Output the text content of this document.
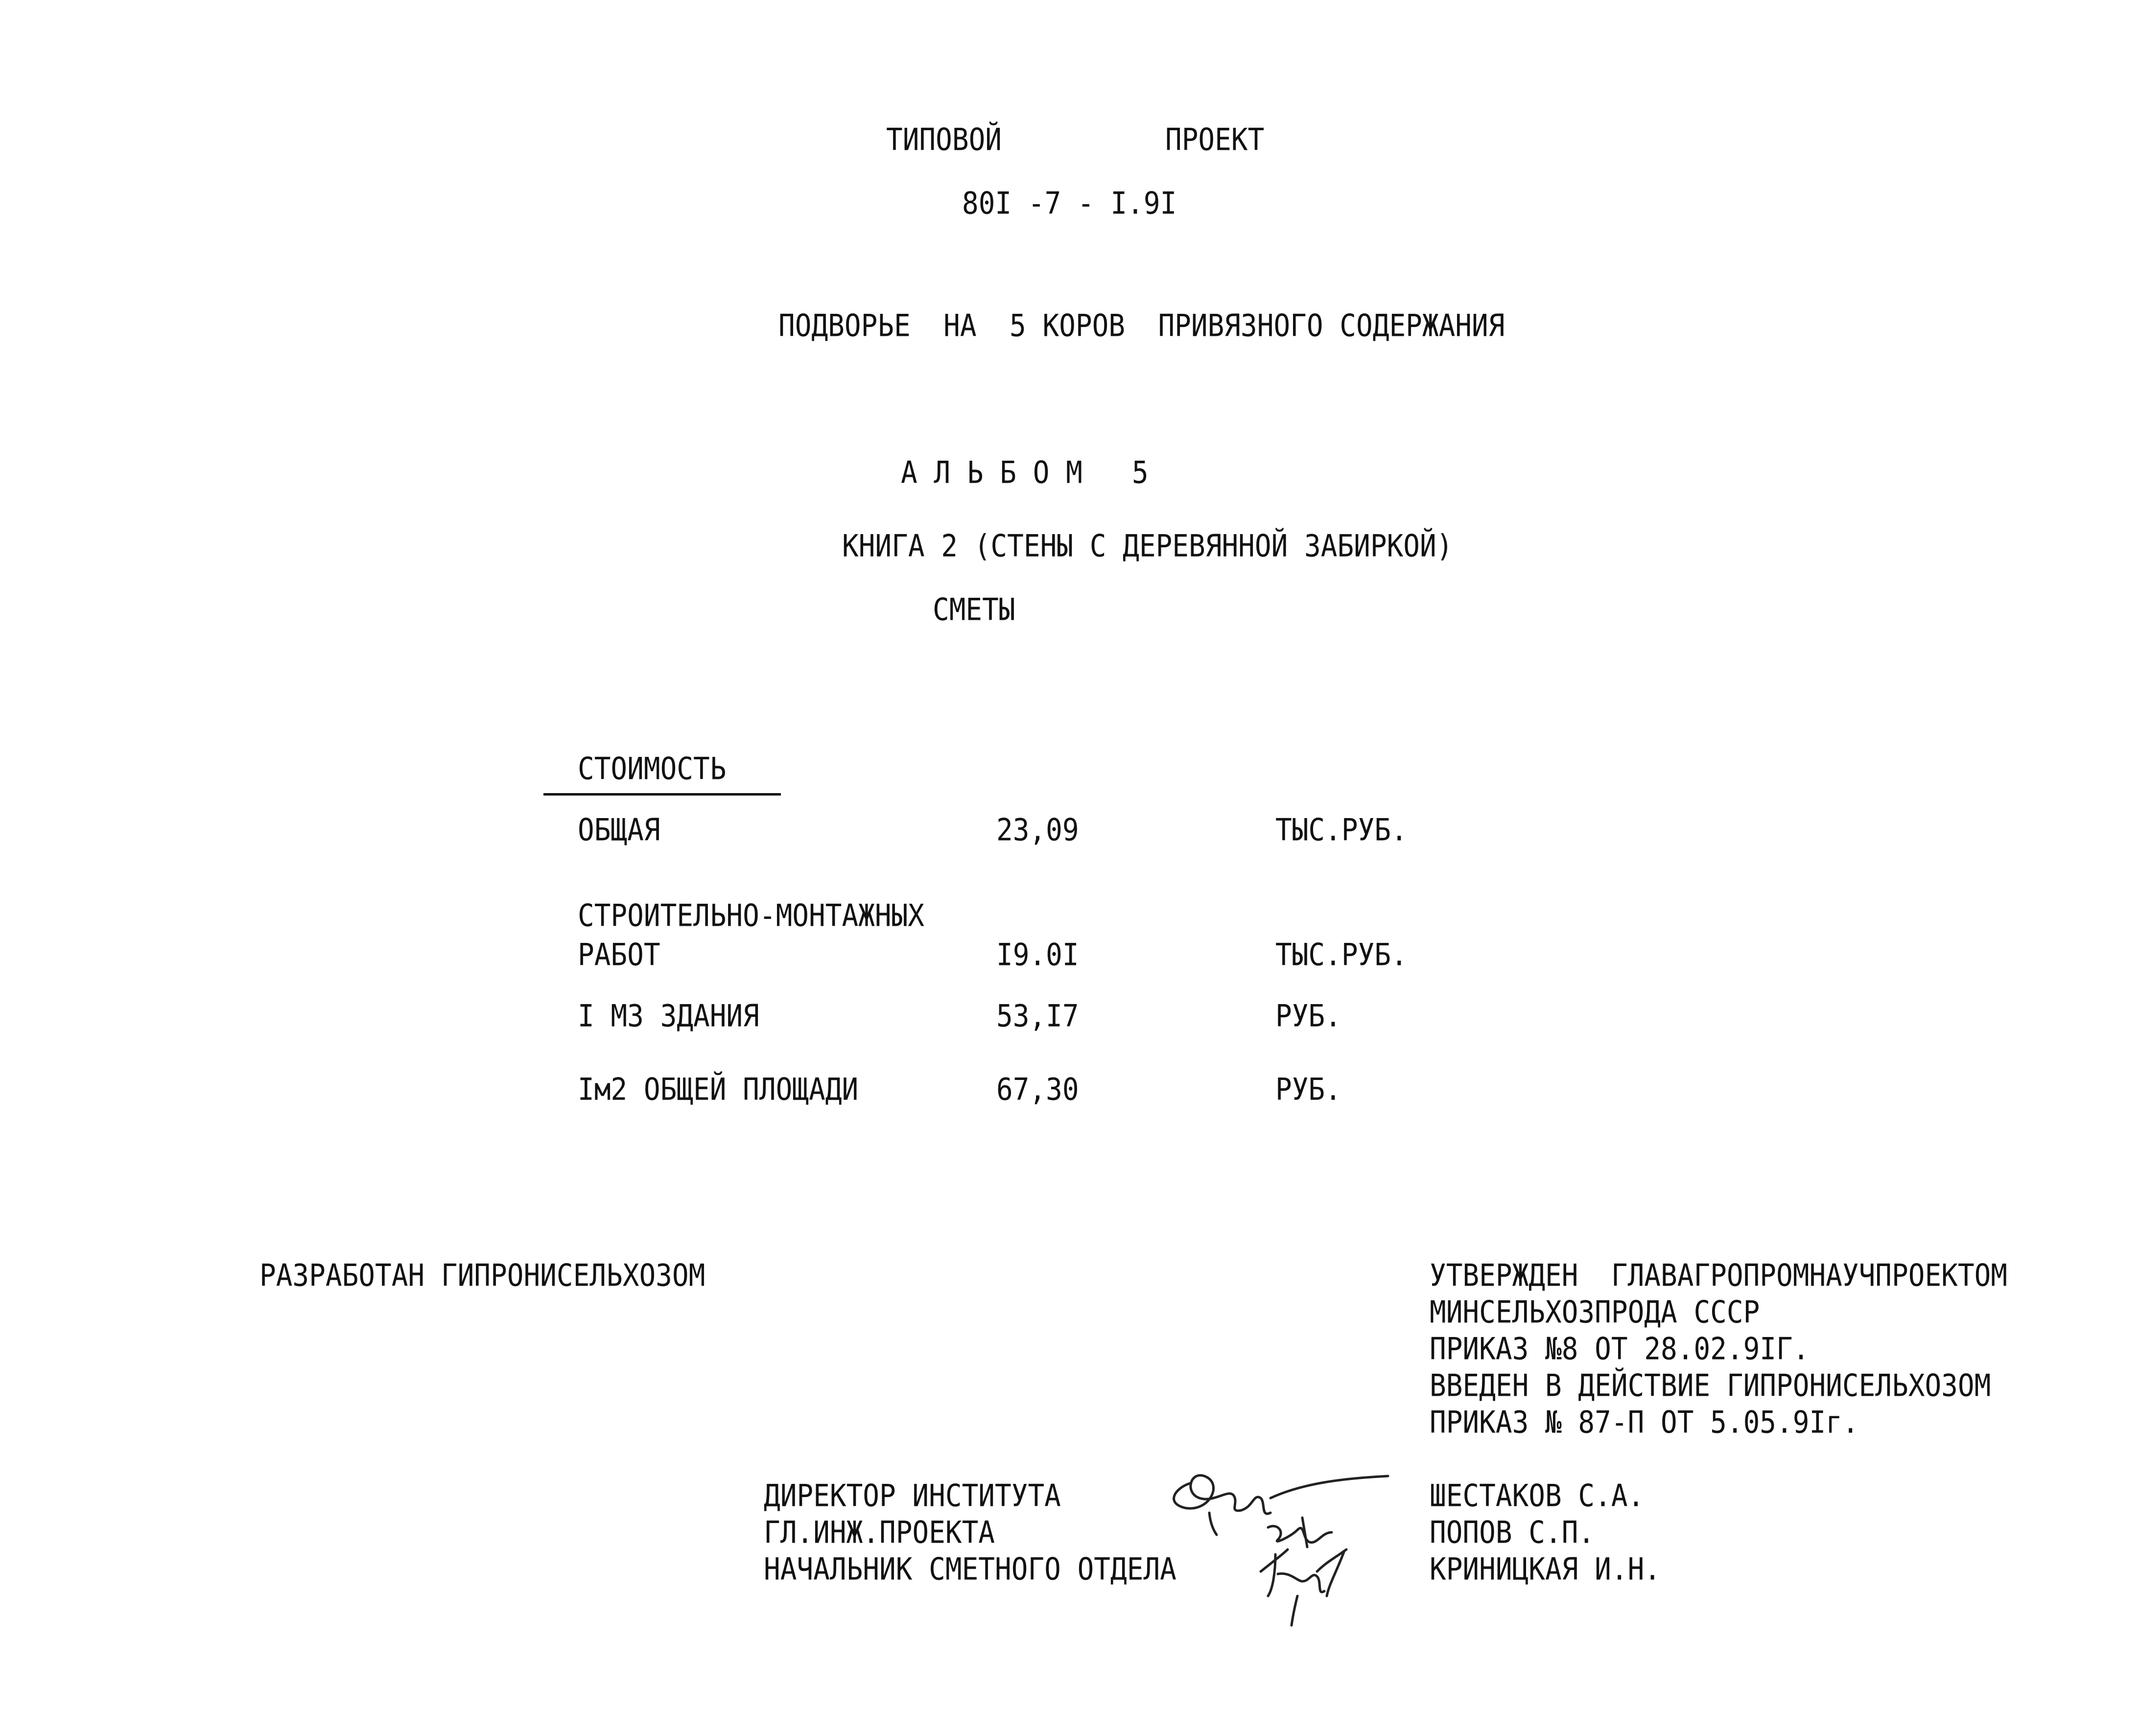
ТИПОВОЙ	ПРОЕКТ
80I -7 - I.9I
ПОДВОРЬЕ  НА  5 КОРОВ  ПРИВЯЗНОГО СОДЕРЖАНИЯ
А Л Ь Б О М   5
КНИГА 2 (СТЕНЫ С ДЕРЕВЯННОЙ ЗАБИРКОЙ)
СМЕТЫ
СТОИМОСТЬ
ОБЩАЯ	23,09	ТЫС.РУБ.
СТРОИТЕЛЬНО-МОНТАЖНЫХ
РАБОТ	I9.0I	ТЫС.РУБ.
I МЗ ЗДАНИЯ	53,I7	РУБ.
Iм2 ОБЩЕЙ ПЛОЩАДИ	67,30	РУБ.
РАЗРАБОТАН ГИПРОНИСЕЛЬХОЗОМ	УТВЕРЖДЕН  ГЛАВАГРОПРОМНАУЧПРОЕКТОМ
МИНСЕЛЬХОЗПРОДА СССР
ПРИКАЗ №8 ОТ 28.02.9IГ.
ВВЕДЕН В ДЕЙСТВИЕ ГИПРОНИСЕЛЬХОЗОМ
ПРИКАЗ № 87-П ОТ 5.05.9Iг.
ДИРЕКТОР ИНСТИТУТА	ШЕСТАКОВ С.А.
ГЛ.ИНЖ.ПРОЕКТА	ПОПОВ С.П.
НАЧАЛЬНИК СМЕТНОГО ОТДЕЛА	КРИНИЦКАЯ И.Н.
